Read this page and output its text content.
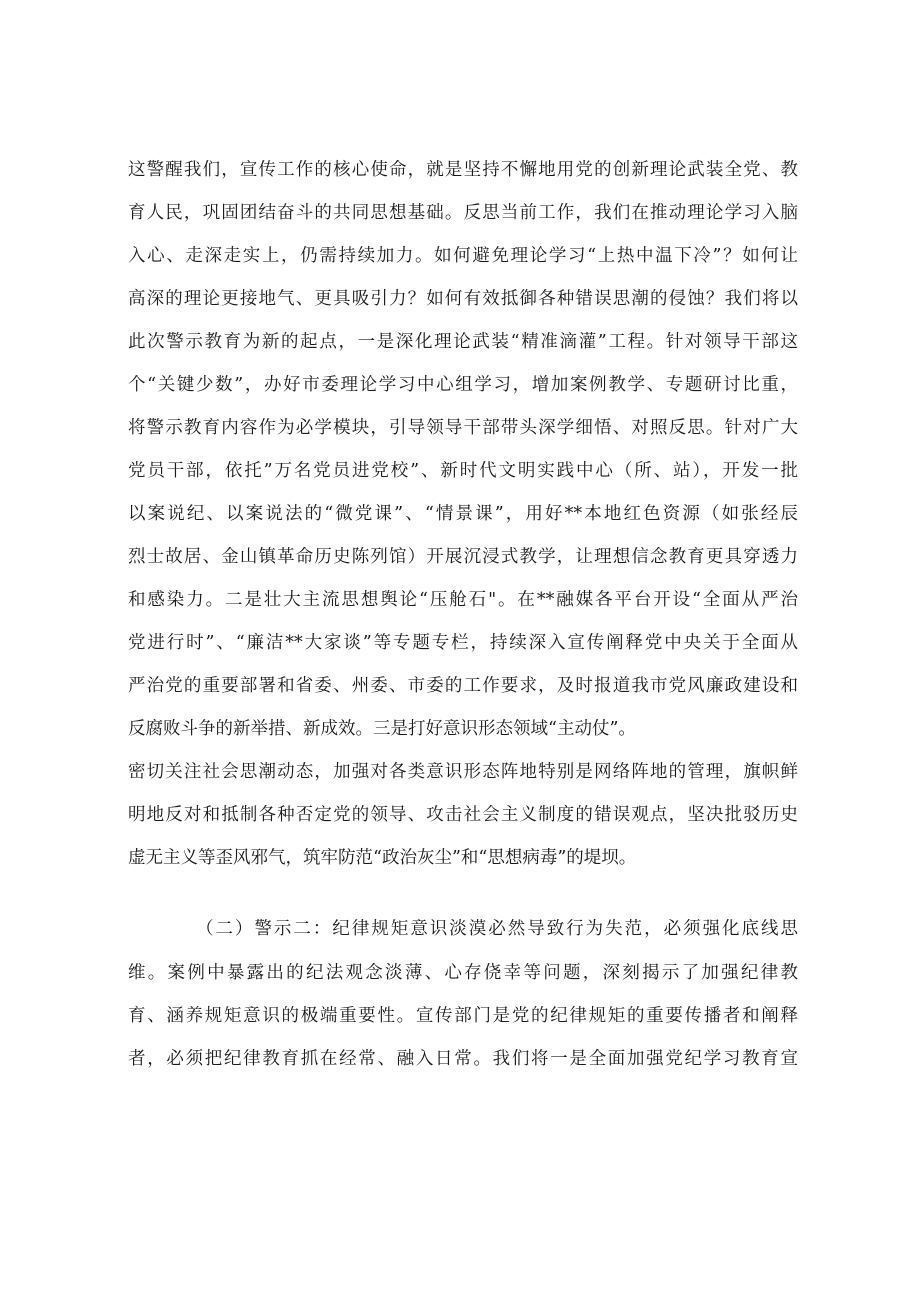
这警醒我们，宣传工作的核心使命，就是坚持不懈地用党的创新理论武装全党、教
育人民，巩固团结奋斗的共同思想基础。反思当前工作，我们在推动理论学习入脑
入心、走深走实上，仍需持续加力。如何避免理论学习“上热中温下冷”？如何让
高深的理论更接地气、更具吸引力？如何有效抵御各种错误思潮的侵蚀？我们将以
此次警示教育为新的起点，一是深化理论武装“精准滴灌”工程。针对领导干部这
个“关键少数”，办好市委理论学习中心组学习，增加案例教学、专题研讨比重，
将警示教育内容作为必学模块，引导领导干部带头深学细悟、对照反思。针对广大
党员干部，依托”万名党员进党校”、新时代文明实践中心（所、站），开发一批
以案说纪、以案说法的“微党课”、“情景课”，用好**本地红色资源（如张经辰
烈士故居、金山镇革命历史陈列馆）开展沉浸式教学，让理想信念教育更具穿透力
和感染力。二是壮大主流思想舆论“压舱石"。在**融媒各平台开设“全面从严治
党进行时”、“廉洁**大家谈”等专题专栏，持续深入宣传阐释党中央关于全面从
严治党的重要部署和省委、州委、市委的工作要求，及时报道我市党风廉政建设和
反腐败斗争的新举措、新成效。三是打好意识形态领域“主动仗”。
密切关注社会思潮动态，加强对各类意识形态阵地特别是网络阵地的管理，旗帜鲜
明地反对和抵制各种否定党的领导、攻击社会主义制度的错误观点，坚决批驳历史
虚无主义等歪风邪气，筑牢防范“政治灰尘”和“思想病毒”的堤坝。
（二）警示二：纪律规矩意识淡漠必然导致行为失范，必须强化底线思
维。案例中暴露出的纪法观念淡薄、心存侥幸等问题，深刻揭示了加强纪律教
育、涵养规矩意识的极端重要性。宣传部门是党的纪律规矩的重要传播者和阐释
者，必须把纪律教育抓在经常、融入日常。我们将一是全面加强党纪学习教育宣
